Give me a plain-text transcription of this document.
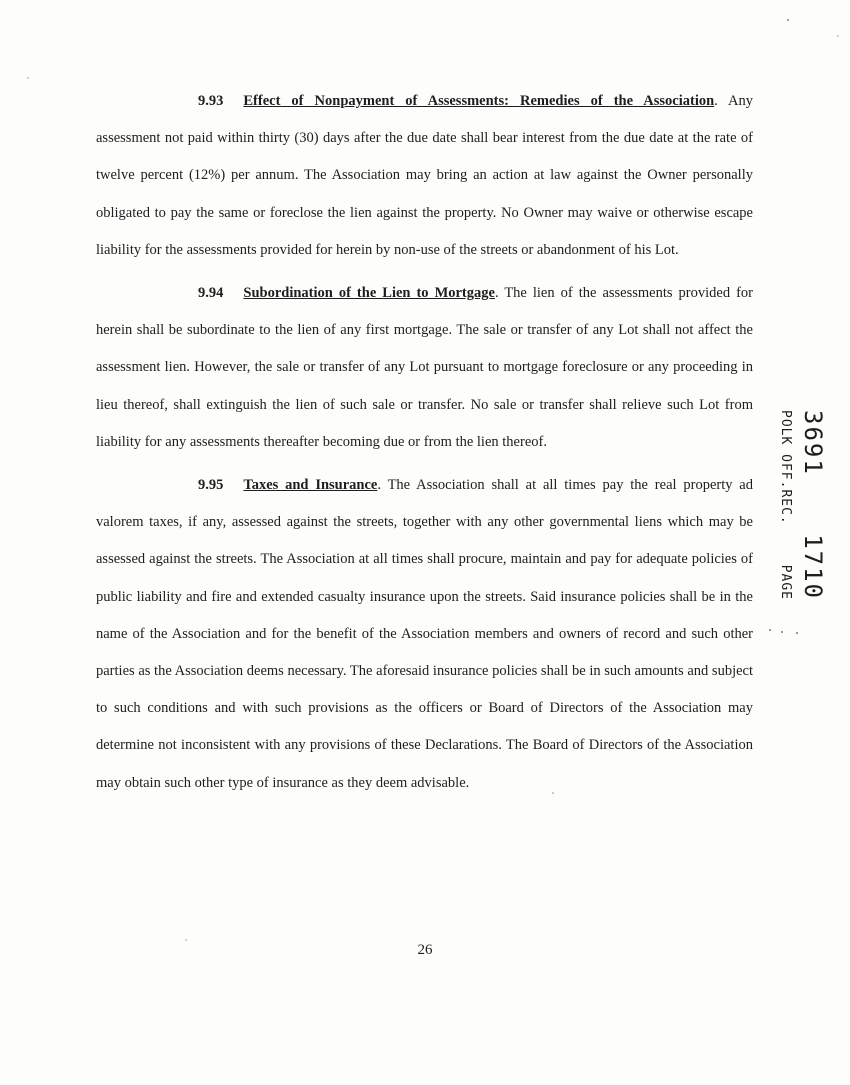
9.93 Effect of Nonpayment of Assessments: Remedies of the Association. Any assessment not paid within thirty (30) days after the due date shall bear interest from the due date at the rate of twelve percent (12%) per annum. The Association may bring an action at law against the Owner personally obligated to pay the same or foreclose the lien against the property. No Owner may waive or otherwise escape liability for the assessments provided for herein by non-use of the streets or abandonment of his Lot.

9.94 Subordination of the Lien to Mortgage. The lien of the assessments provided for herein shall be subordinate to the lien of any first mortgage. The sale or transfer of any Lot shall not affect the assessment lien. However, the sale or transfer of any Lot pursuant to mortgage foreclosure or any proceeding in lieu thereof, shall extinguish the lien of such sale or transfer. No sale or transfer shall relieve such Lot from liability for any assessments thereafter becoming due or from the lien thereof.

9.95 Taxes and Insurance. The Association shall at all times pay the real property ad valorem taxes, if any, assessed against the streets, together with any other governmental liens which may be assessed against the streets. The Association at all times shall procure, maintain and pay for adequate policies of public liability and fire and extended casualty insurance upon the streets. Said insurance policies shall be in the name of the Association and for the benefit of the Association members and owners of record and such other parties as the Association deems necessary. The aforesaid insurance policies shall be in such amounts and subject to such conditions and with such provisions as the officers or Board of Directors of the Association may determine not inconsistent with any provisions of these Declarations. The Board of Directors of the Association may obtain such other type of insurance as they deem advisable.

26
3691
1710
POLK OFF.REC.
PAGE
